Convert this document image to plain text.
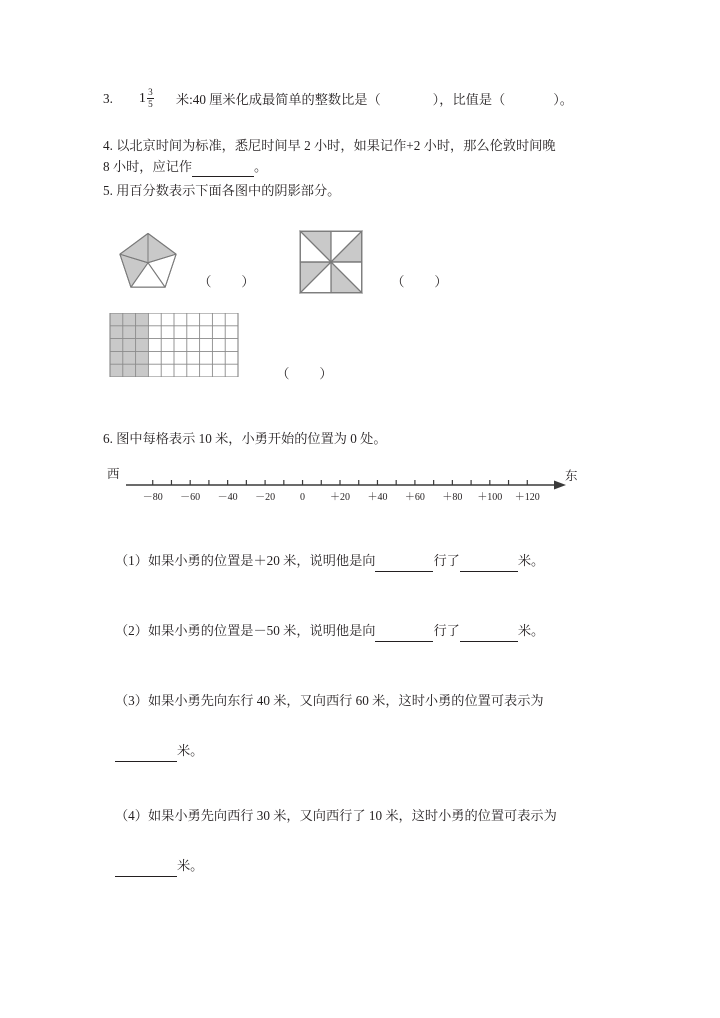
3. $1 \frac{3}{5}$ 米:40 厘米化成最简单的整数比是（	），比值是（	）。
4. 以北京时间为标准，悉尼时间早 2 小时，如果记作+2 小时，那么伦敦时间晚
8 小时，应记作	。
5. 用百分数表示下面各图中的阴影部分。

（ ）
	（ ）

（ ）

6. 图中每格表示 10 米，小勇开始的位置为 0 处。
西	东
－80 －60 －40 －20 0 ＋20 ＋40 ＋60 ＋80 ＋100 ＋120
（1）如果小勇的位置是＋20 米，说明他是向	行了	米。
（2）如果小勇的位置是－50 米，说明他是向	行了	米。
（3）如果小勇先向东行 40 米，又向西行 60 米，这时小勇的位置可表示为
米。
（4）如果小勇先向西行 30 米，又向西行了 10 米，这时小勇的位置可表示为
米。
